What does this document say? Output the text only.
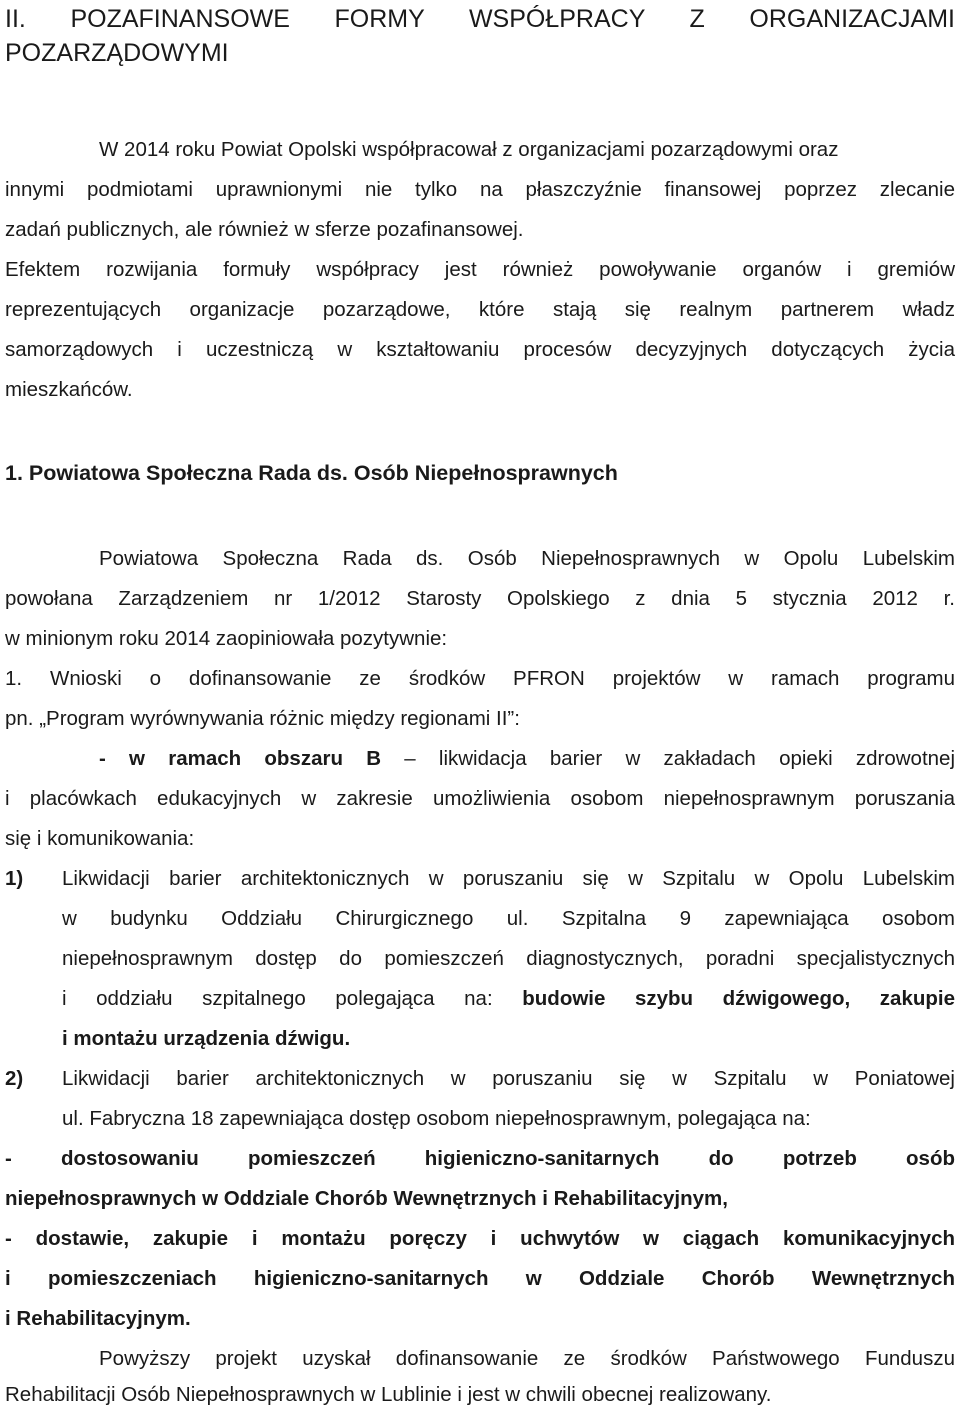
II. POZAFINANSOWE FORMY WSPÓŁPRACY Z ORGANIZACJAMI
POZARZĄDOWYMI
W 2014 roku Powiat Opolski współpracował z organizacjami pozarządowymi oraz
innymi podmiotami uprawnionymi nie tylko na płaszczyźnie finansowej poprzez zlecanie
zadań publicznych, ale również w sferze pozafinansowej.
Efektem rozwijania formuły współpracy jest również powoływanie organów i gremiów
reprezentujących organizacje pozarządowe, które stają się realnym partnerem władz
samorządowych i uczestniczą w kształtowaniu procesów decyzyjnych dotyczących życia
mieszkańców.
1. Powiatowa Społeczna Rada ds. Osób Niepełnosprawnych
Powiatowa Społeczna Rada ds. Osób Niepełnosprawnych w Opolu Lubelskim
powołana Zarządzeniem nr 1/2012 Starosty Opolskiego z dnia 5 stycznia 2012 r.
w minionym roku 2014 zaopiniowała pozytywnie:
1. Wnioski o dofinansowanie ze środków PFRON projektów w ramach programu
pn. „Program wyrównywania różnic między regionami II”:
- w ramach obszaru B – likwidacja barier w zakładach opieki zdrowotnej
i placówkach edukacyjnych w zakresie umożliwienia osobom niepełnosprawnym poruszania
się i komunikowania:
1)	Likwidacji barier architektonicznych w poruszaniu się w Szpitalu w Opolu Lubelskim
w budynku Oddziału Chirurgicznego ul. Szpitalna 9 zapewniająca osobom
niepełnosprawnym dostęp do pomieszczeń diagnostycznych, poradni specjalistycznych
i oddziału szpitalnego polegająca na: budowie szybu dźwigowego, zakupie
i montażu urządzenia dźwigu.
2)	Likwidacji barier architektonicznych w poruszaniu się w Szpitalu w Poniatowej
ul. Fabryczna 18 zapewniająca dostęp osobom niepełnosprawnym, polegająca na:
- dostosowaniu pomieszczeń higieniczno-sanitarnych do potrzeb osób
niepełnosprawnych w Oddziale Chorób Wewnętrznych i Rehabilitacyjnym,
- dostawie, zakupie i montażu poręczy i uchwytów w ciągach komunikacyjnych
i pomieszczeniach higieniczno-sanitarnych w Oddziale Chorób Wewnętrznych
i Rehabilitacyjnym.
Powyższy projekt uzyskał dofinansowanie ze środków Państwowego Funduszu
Rehabilitacji Osób Niepełnosprawnych w Lublinie i jest w chwili obecnej realizowany.
